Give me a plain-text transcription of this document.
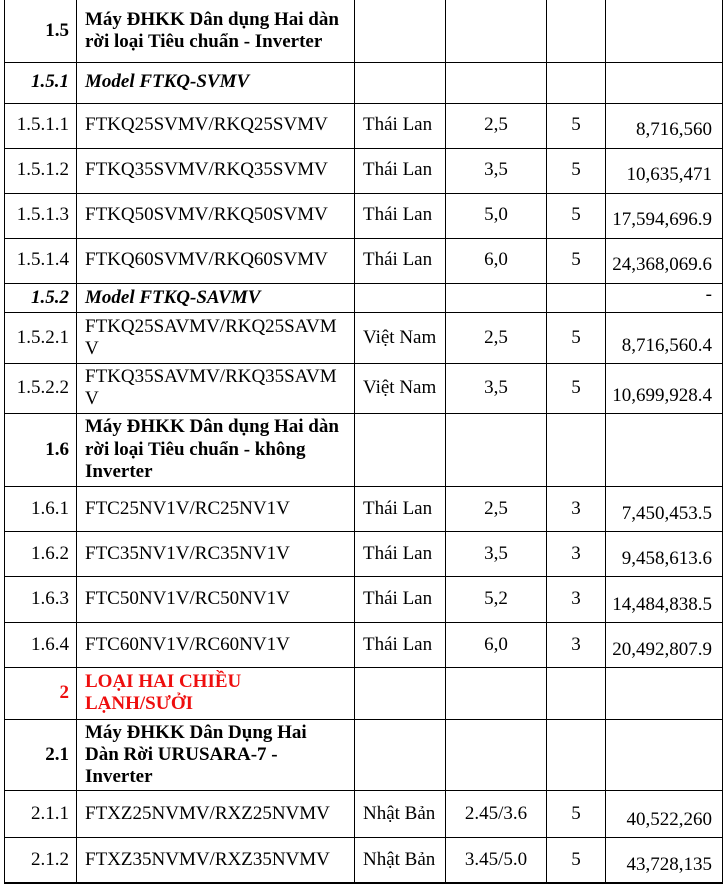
1.5	Máy ĐHKK Dân dụng Hai dàn rời loại Tiêu chuẩn - Inverter				
1.5.1	Model FTKQ-SVMV				
1.5.1.1	FTKQ25SVMV/RKQ25SVMV	Thái Lan	2,5	5	8,716,560
1.5.1.2	FTKQ35SVMV/RKQ35SVMV	Thái Lan	3,5	5	10,635,471
1.5.1.3	FTKQ50SVMV/RKQ50SVMV	Thái Lan	5,0	5	17,594,696.9
1.5.1.4	FTKQ60SVMV/RKQ60SVMV	Thái Lan	6,0	5	24,368,069.6
1.5.2	Model FTKQ-SAVMV				-
1.5.2.1	FTKQ25SAVMV/RKQ25SAVMV	Việt Nam	2,5	5	8,716,560.4
1.5.2.2	FTKQ35SAVMV/RKQ35SAVMV	Việt Nam	3,5	5	10,699,928.4
1.6	Máy ĐHKK Dân dụng Hai dàn rời loại Tiêu chuẩn - không Inverter				
1.6.1	FTC25NV1V/RC25NV1V	Thái Lan	2,5	3	7,450,453.5
1.6.2	FTC35NV1V/RC35NV1V	Thái Lan	3,5	3	9,458,613.6
1.6.3	FTC50NV1V/RC50NV1V	Thái Lan	5,2	3	14,484,838.5
1.6.4	FTC60NV1V/RC60NV1V	Thái Lan	6,0	3	20,492,807.9
2	LOẠI HAI CHIỀU LẠNH/SƯỞI				
2.1	Máy ĐHKK Dân Dụng Hai Dàn Rời URUSARA-7 - Inverter				
2.1.1	FTXZ25NVMV/RXZ25NVMV	Nhật Bản	2.45/3.6	5	40,522,260
2.1.2	FTXZ35NVMV/RXZ35NVMV	Nhật Bản	3.45/5.0	5	43,728,135
